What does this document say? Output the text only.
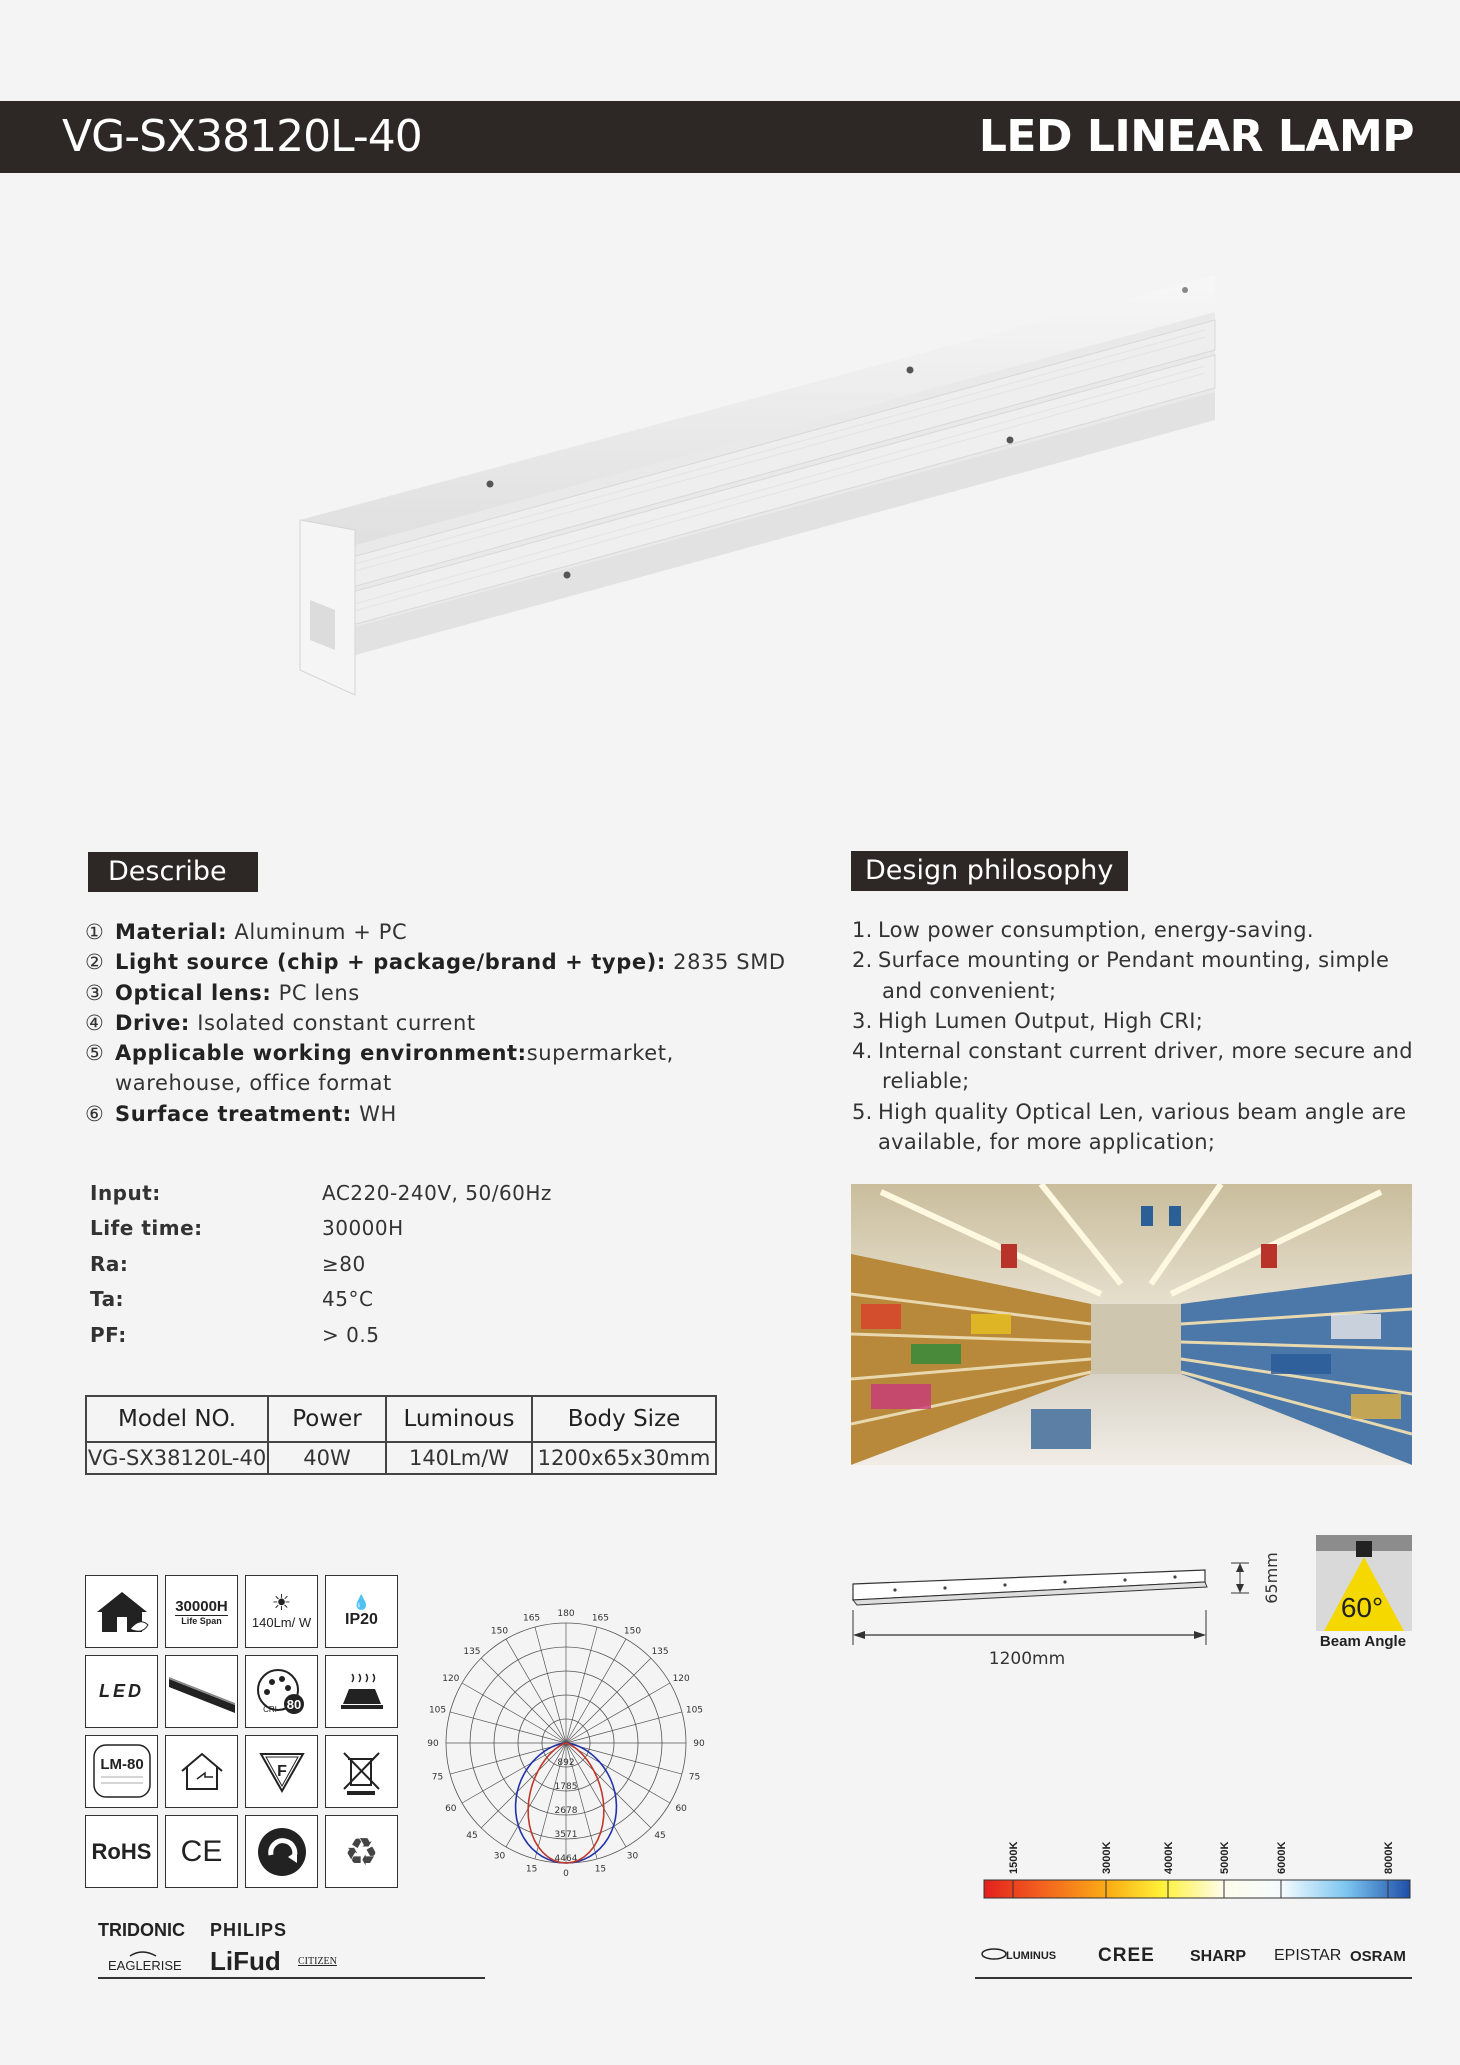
VG-SX38120L-40	LED LINEAR LAMP
Describe
① Material: Aluminum + PC
② Light source (chip + package/brand + type): 2835 SMD
③ Optical lens: PC lens
④ Drive: Isolated constant current
⑤ Applicable working environment:supermarket,
warehouse, office format
⑥ Surface treatment: WH
Design philosophy
1. Low power consumption, energy-saving.
2. Surface mounting or Pendant mounting, simple
and convenient;
3. High Lumen Output, High CRI;
4. Internal constant current driver, more secure and
reliable;
5. High quality Optical Len, various beam angle are
available, for more application;
Input:	AC220-240V, 50/60Hz
Life time:	30000H
Ra:	≥80
Ta:	45°C
PF:	> 0.5
Model NO.	Power	Luminous	Body Size
VG-SX38120L-40	40W	140Lm/W	1200x65x30mm
30000H
Life Span
☀
140Lm/ W
💧
IP20
LED
80
CRI
LM-80	F
RoHS CE	♻
180 165
165
150
150
135
135
120
120
105
105
90
90
75
75
60
60
45
45
30
30
15
15	0
892
1785
2678
3571
4464
1200mm
65mm
60°
Beam Angle
1500K	3000K	4000K	5000K	6000K	8000K
TRIDONIC PHILIPS
EAGLERISE LiFud CITIZEN	LUMINUS CREE SHARP EPISTAR OSRAM
